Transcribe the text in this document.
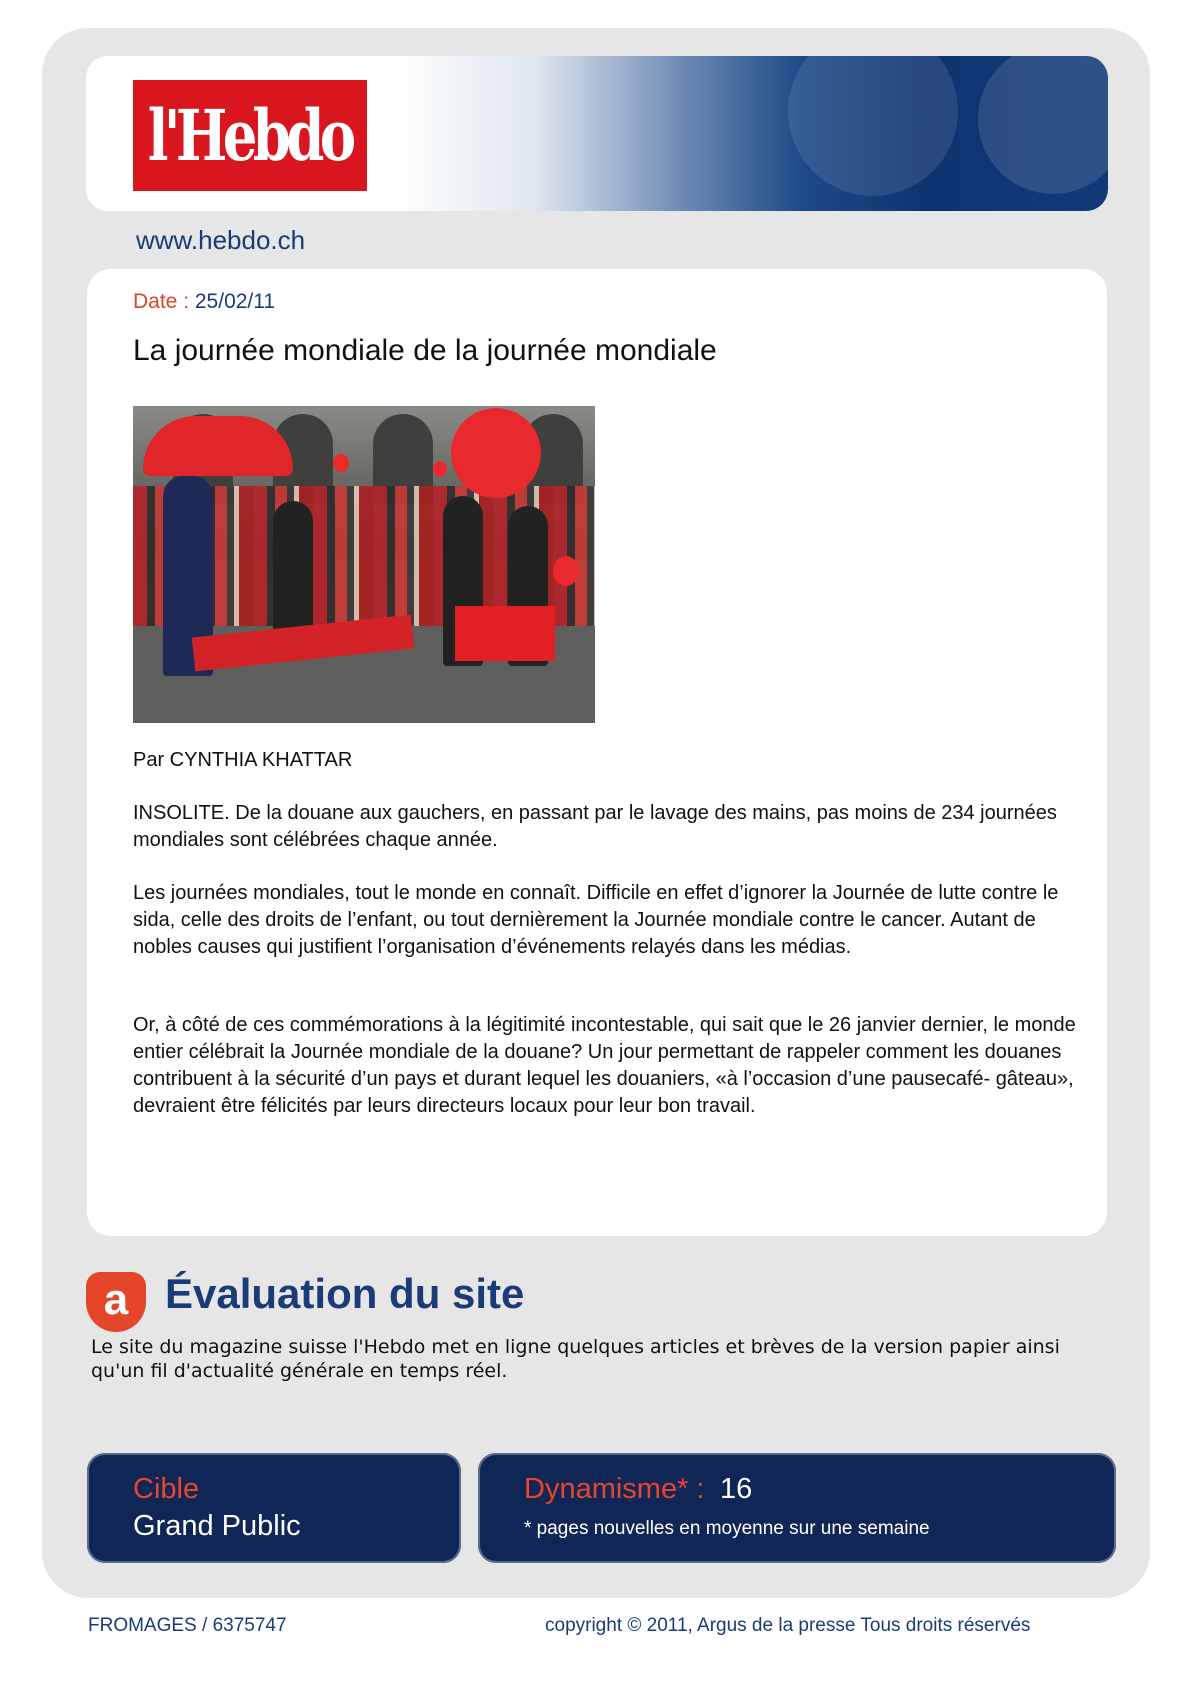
l'Hebdo
www.hebdo.ch
Date : 25/02/11
La journée mondiale de la journée mondiale

Par CYNTHIA KHATTAR

INSOLITE. De la douane aux gauchers, en passant par le lavage des mains, pas moins de 234 journées mondiales sont célébrées chaque année.

Les journées mondiales, tout le monde en connaît. Difficile en effet d’ignorer la Journée de lutte contre le sida, celle des droits de l’enfant, ou tout dernièrement la Journée mondiale contre le cancer. Autant de nobles causes qui justifient l’organisation d’événements relayés dans les médias.

Or, à côté de ces commémorations à la légitimité incontestable, qui sait que le 26 janvier dernier, le monde entier célébrait la Journée mondiale de la douane? Un jour permettant de rappeler comment les douanes contribuent à la sécurité d’un pays et durant lequel les douaniers, «à l’occasion d’une pausecafé- gâteau», devraient être félicités par leurs directeurs locaux pour leur bon travail.

a Évaluation du site

Le site du magazine suisse l'Hebdo met en ligne quelques articles et brèves de la version papier ainsi qu'un fil d'actualité générale en temps réel.

Cible
Grand Public
Dynamisme* : 16
* pages nouvelles en moyenne sur une semaine
FROMAGES / 6375747	copyright © 2011, Argus de la presse Tous droits réservés
